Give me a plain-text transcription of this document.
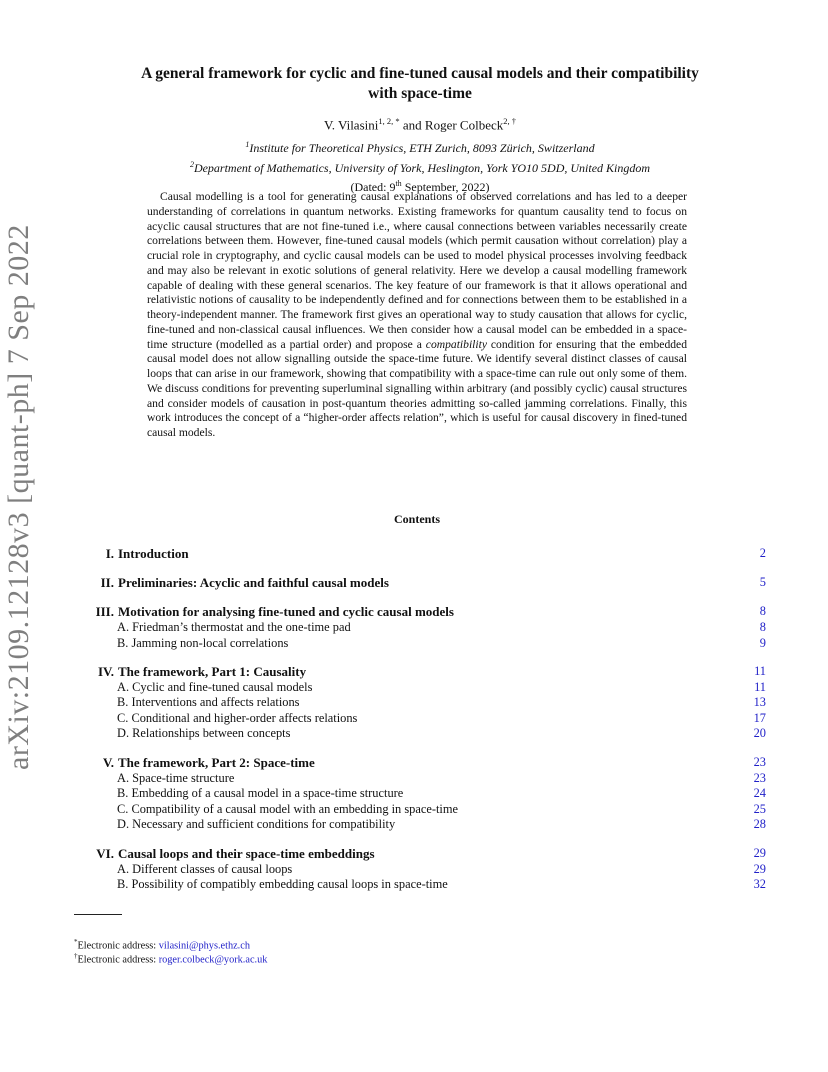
arXiv:2109.12128v3 [quant-ph] 7 Sep 2022
A general framework for cyclic and fine-tuned causal models and their compatibility
with space-time
V. Vilasini$^{1, 2, *}$ and Roger Colbeck$^{2, \dagger}$
$^1$Institute for Theoretical Physics, ETH Zurich, 8093 Zürich, Switzerland
$^2$Department of Mathematics, University of York, Heslington, York YO10 5DD, United Kingdom
(Dated: 9th September, 2022)
Causal modelling is a tool for generating causal explanations of observed correlations and has led to a deeper understanding of correlations in quantum networks. Existing frameworks for quantum causality tend to focus on acyclic causal structures that are not fine-tuned i.e., where causal connections between variables necessarily create correlations between them. However, fine-tuned causal models (which permit causation without correlation) play a crucial role in cryptography, and cyclic causal models can be used to model physical processes involving feedback and may also be relevant in exotic solutions of general relativity. Here we develop a causal modelling framework capable of dealing with these general scenarios. The key feature of our framework is that it allows operational and relativistic notions of causality to be independently defined and for connections between them to be established in a theory-independent manner. The framework first gives an operational way to study causation that allows for cyclic, fine-tuned and non-classical causal influences. We then consider how a causal model can be embedded in a space-time structure (modelled as a partial order) and propose a compatibility condition for ensuring that the embedded causal model does not allow signalling outside the space-time future. We identify several distinct classes of causal loops that can arise in our framework, showing that compatibility with a space-time can rule out only some of them. We discuss conditions for preventing superluminal signalling within arbitrary (and possibly cyclic) causal structures and consider models of causation in post-quantum theories admitting so-called jamming correlations. Finally, this work introduces the concept of a “higher-order affects relation”, which is useful for causal discovery in fined-tuned causal models.
Contents
I. Introduction	2
II. Preliminaries: Acyclic and faithful causal models	5
III. Motivation for analysing fine-tuned and cyclic causal models	8
A. Friedman’s thermostat and the one-time pad	8
B. Jamming non-local correlations	9
IV. The framework, Part 1: Causality	11
A. Cyclic and fine-tuned causal models	11
B. Interventions and affects relations	13
C. Conditional and higher-order affects relations	17
D. Relationships between concepts	20
V. The framework, Part 2: Space-time	23
A. Space-time structure	23
B. Embedding of a causal model in a space-time structure	24
C. Compatibility of a causal model with an embedding in space-time	25
D. Necessary and sufficient conditions for compatibility	28
VI. Causal loops and their space-time embeddings	29
A. Different classes of causal loops	29
B. Possibility of compatibly embedding causal loops in space-time	32
*Electronic address: vilasini@phys.ethz.ch
†Electronic address: roger.colbeck@york.ac.uk
